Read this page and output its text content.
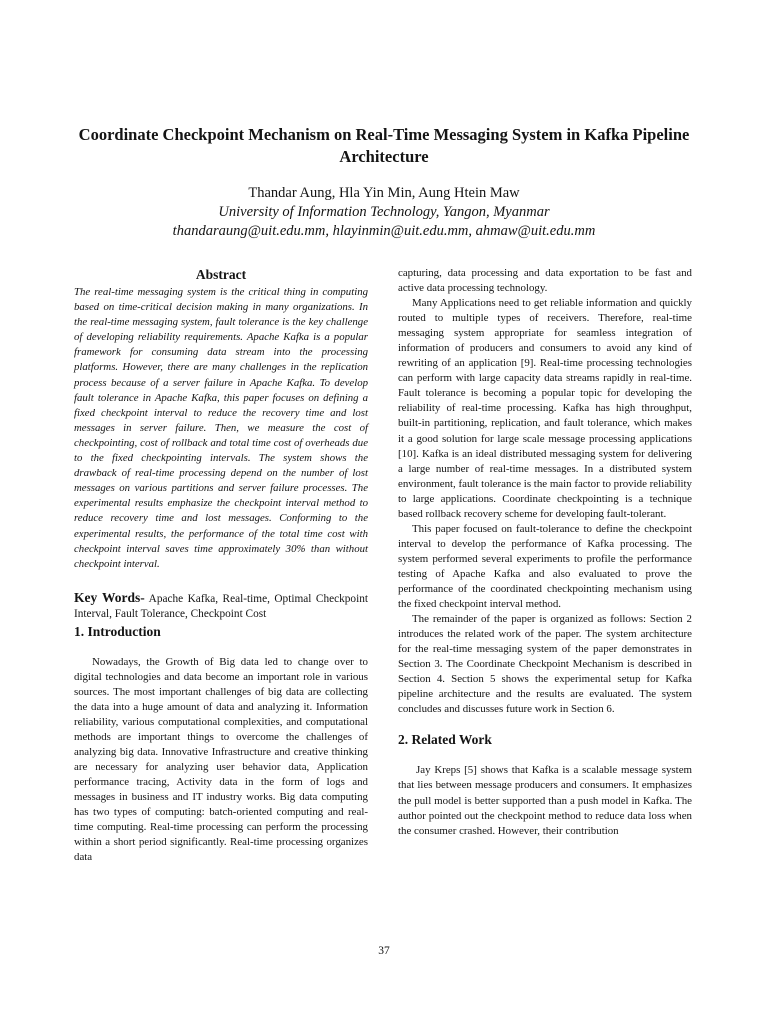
Coordinate Checkpoint Mechanism on Real-Time Messaging System in Kafka Pipeline Architecture
Thandar Aung, Hla Yin Min, Aung Htein Maw
University of Information Technology, Yangon, Myanmar
thandaraung@uit.edu.mm, hlayinmin@uit.edu.mm, ahmaw@uit.edu.mm
Abstract

The real-time messaging system is the critical thing in computing based on time-critical decision making in many organizations. In the real-time messaging system, fault tolerance is the key challenge of developing reliability requirements. Apache Kafka is a popular framework for consuming data stream into the processing platforms. However, there are many challenges in the replication process because of a server failure in Apache Kafka. To develop fault tolerance in Apache Kafka, this paper focuses on defining a fixed checkpoint interval to reduce the recovery time and lost messages in server failure. Then, we measure the cost of checkpointing, cost of rollback and total time cost of overheads due to the fixed checkpointing intervals. The system shows the drawback of real-time processing depend on the number of lost messages on various partitions and server failure processes. The experimental results emphasize the checkpoint interval method to reduce recovery time and lost messages. Conforming to the experimental results, the performance of the total time cost with checkpoint interval saves time approximately 30% than without checkpoint interval.

Key Words- Apache Kafka, Real-time, Optimal Checkpoint Interval, Fault Tolerance, Checkpoint Cost

1. Introduction

Nowadays, the Growth of Big data led to change over to digital technologies and data become an important role in various sources. The most important challenges of big data are collecting the data into a huge amount of data and analyzing it. Information reliability, various computational complexities, and computational methods are important things to overcome the challenges of analyzing big data. Innovative Infrastructure and creative thinking are necessary for analyzing user behavior data, Application performance tracing, Activity data in the form of logs and messages in business and IT industry works. Big data computing has two types of computing: batch-oriented computing and real-time computing. Real-time processing can perform the processing within a short period significantly. Real-time processing organizes data

capturing, data processing and data exportation to be fast and active data processing technology.

Many Applications need to get reliable information and quickly routed to multiple types of receivers. Therefore, real-time messaging system appropriate for seamless integration of information of producers and consumers to avoid any kind of rewriting of an application [9]. Real-time processing technologies can perform with large capacity data streams rapidly in real-time. Fault tolerance is becoming a popular topic for developing the reliability of real-time processing. Kafka has high throughput, built-in partitioning, replication, and fault tolerance, which makes it a good solution for large scale message processing applications [10]. Kafka is an ideal distributed messaging system for delivering a large number of real-time messages. In a distributed system environment, fault tolerance is the main factor to provide reliability to large applications. Coordinate checkpointing is a technique based rollback recovery scheme for developing fault-tolerant.

This paper focused on fault-tolerance to define the checkpoint interval to develop the performance of Kafka processing. The system performed several experiments to profile the performance testing of Apache Kafka and also evaluated to prove the performance of the coordinated checkpointing mechanism using the fixed checkpoint interval method.

The remainder of the paper is organized as follows: Section 2 introduces the related work of the paper. The system architecture for the real-time messaging system of the paper demonstrates in Section 3. The Coordinate Checkpoint Mechanism is described in Section 4. Section 5 shows the experimental setup for Kafka pipeline architecture and the results are evaluated. The system concludes and discusses future work in Section 6.

2. Related Work

Jay Kreps [5] shows that Kafka is a scalable message system that lies between message producers and consumers. It emphasizes the pull model is better supported than a push model in Kafka. The author pointed out the checkpoint method to reduce data loss when the consumer crashed. However, their contribution

37
